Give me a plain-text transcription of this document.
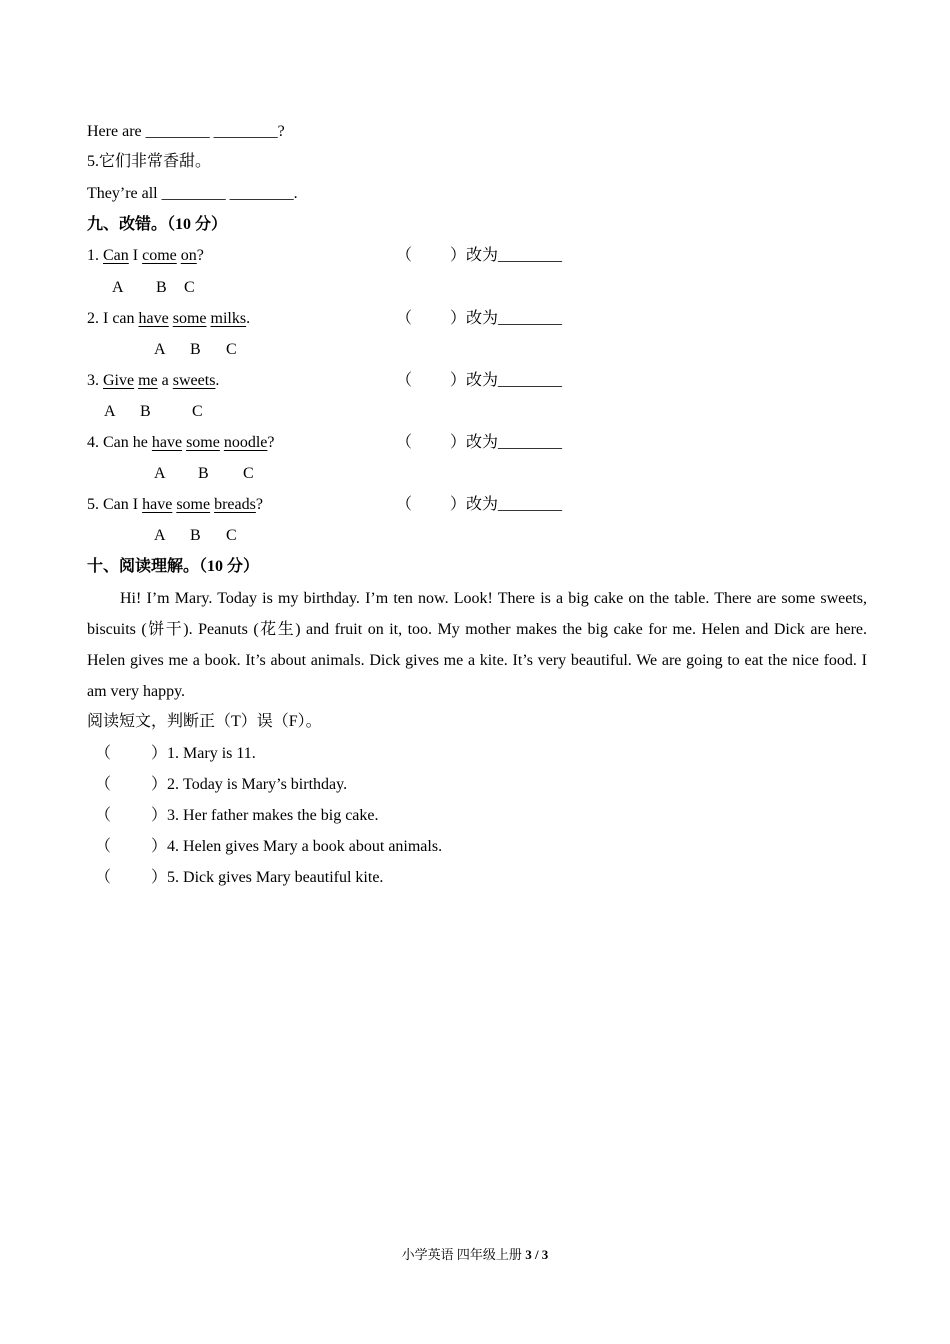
Here are ________ ________?
5.它们非常香甜。
They’re all ________ ________.
九、改错。（10 分）
1. Can I come on?	（ ）改为________
A B C
2. I can have some milks.	（ ）改为________
A B C
3. Give me a sweets.	（ ）改为________
A B	C
4. Can he have some noodle?	（ ）改为________
A B C
5. Can I have some breads?	（ ）改为________
A B C
十、阅读理解。（10 分）
Hi! I’m Mary. Today is my birthday. I’m ten now. Look! There is a big cake on the table. There are some sweets, biscuits (饼干). Peanuts (花生) and fruit on it, too. My mother makes the big cake for me. Helen and Dick are here. Helen gives me a book. It’s about animals. Dick gives me a kite. It’s very beautiful. We are going to eat the nice food. I am very happy.
阅读短文，判断正（T）误（F）。
（	）1. Mary is 11.
（	）2. Today is Mary’s birthday.
（	）3. Her father makes the big cake.
（	）4. Helen gives Mary a book about animals.
（	）5. Dick gives Mary beautiful kite.
小学英语 四年级上册 3 / 3
